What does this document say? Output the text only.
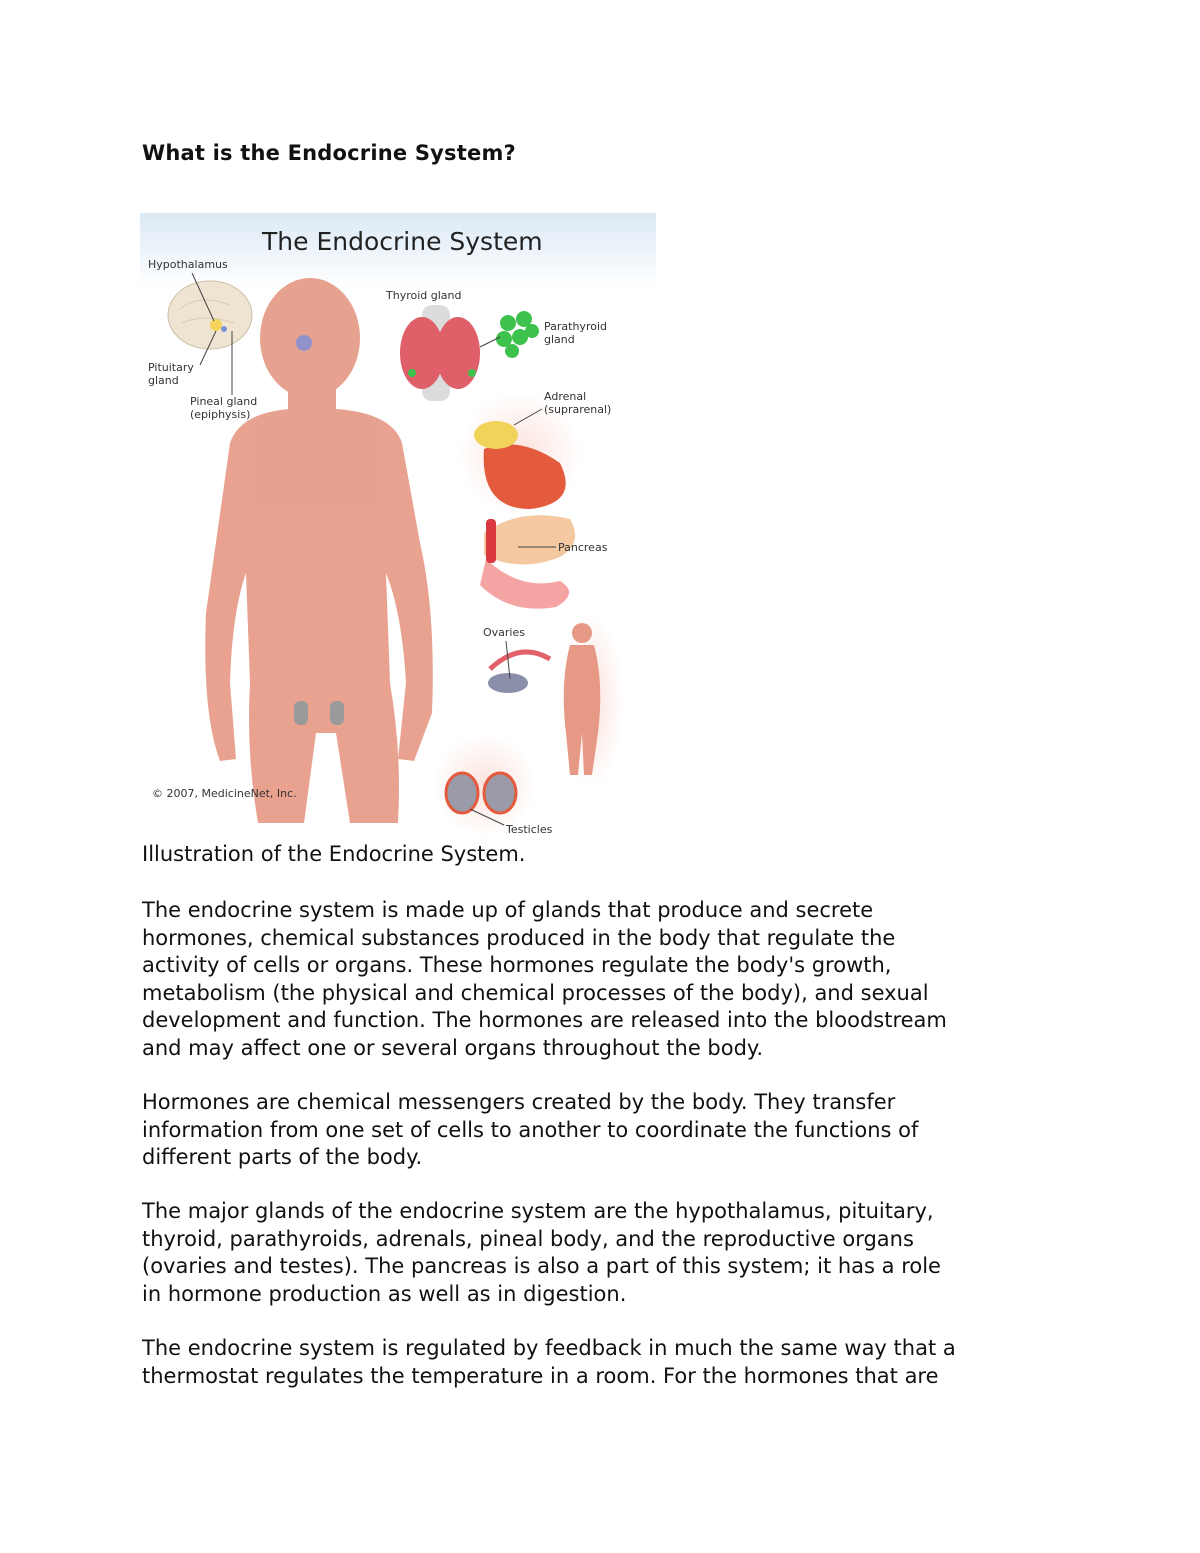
What is the Endocrine System?
The Endocrine System
Hypothalamus
Pituitary
gland
Pineal gland
(epiphysis)
Thyroid gland
Parathyroid
gland
Adrenal
(suprarenal)
Pancreas
Ovaries
Testicles
© 2007, MedicineNet, Inc.

Illustration of the Endocrine System.

The endocrine system is made up of glands that produce and secrete
hormones, chemical substances produced in the body that regulate the
activity of cells or organs. These hormones regulate the body's growth,
metabolism (the physical and chemical processes of the body), and sexual
development and function. The hormones are released into the bloodstream
and may affect one or several organs throughout the body.

Hormones are chemical messengers created by the body. They transfer
information from one set of cells to another to coordinate the functions of
different parts of the body.

The major glands of the endocrine system are the hypothalamus, pituitary,
thyroid, parathyroids, adrenals, pineal body, and the reproductive organs
(ovaries and testes). The pancreas is also a part of this system; it has a role
in hormone production as well as in digestion.

The endocrine system is regulated by feedback in much the same way that a
thermostat regulates the temperature in a room. For the hormones that are
